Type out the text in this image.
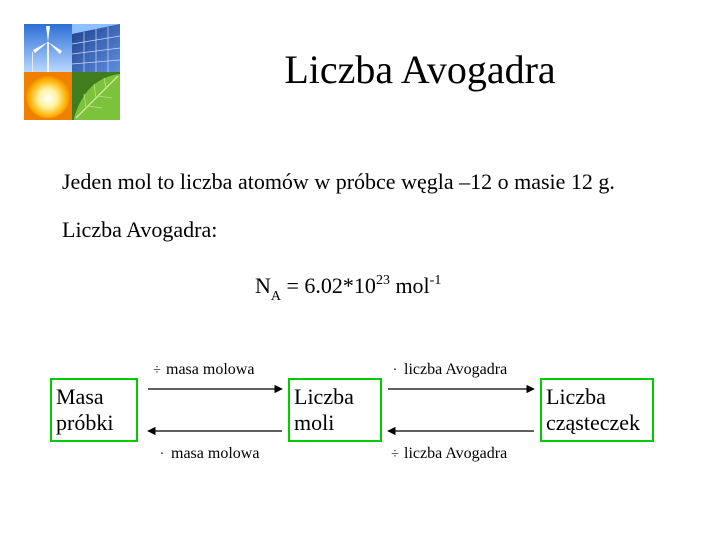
Liczba Avogadra
Jeden mol to liczba atomów w próbce węgla –12 o masie 12 g.
Liczba Avogadra:
$N_A = 6.02*10^{23}$ mol$^{-1}$
Masa
próbki
Liczba
moli
Liczba
cząsteczek
÷ masa molowa	· liczba Avogadra
· masa molowa	÷ liczba Avogadra
